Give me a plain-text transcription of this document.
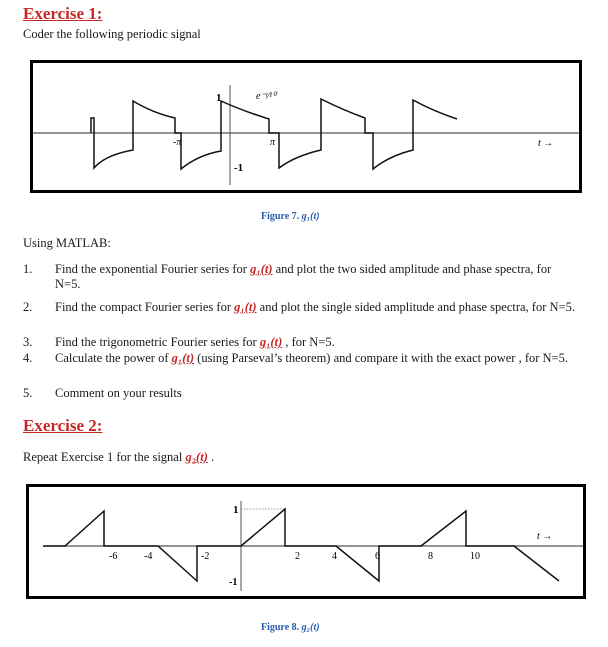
Exercise 1:
Coder the following periodic signal
1
-1
-π	π	t →
e⁻ᵗ⁄¹⁰
Figure 7. g₁(t)
Using MATLAB:
1. Find the exponential Fourier series for g₁(t) and plot the two sided amplitude and phase spectra, for N=5.
2. Find the compact Fourier series for g₁(t) and plot the single sided amplitude and phase spectra, for N=5.
3. Find the trigonometric Fourier series for g₁(t) , for N=5.
4. Calculate the power of g₁(t) (using Parseval’s theorem) and compare it with the exact power , for N=5.
5. Comment on your results
Exercise 2:
Repeat Exercise 1 for the signal g₂(t) .
-6	-4	-2	2	4	6	8	10
1
-1
t →
Figure 8. g₂(t)
